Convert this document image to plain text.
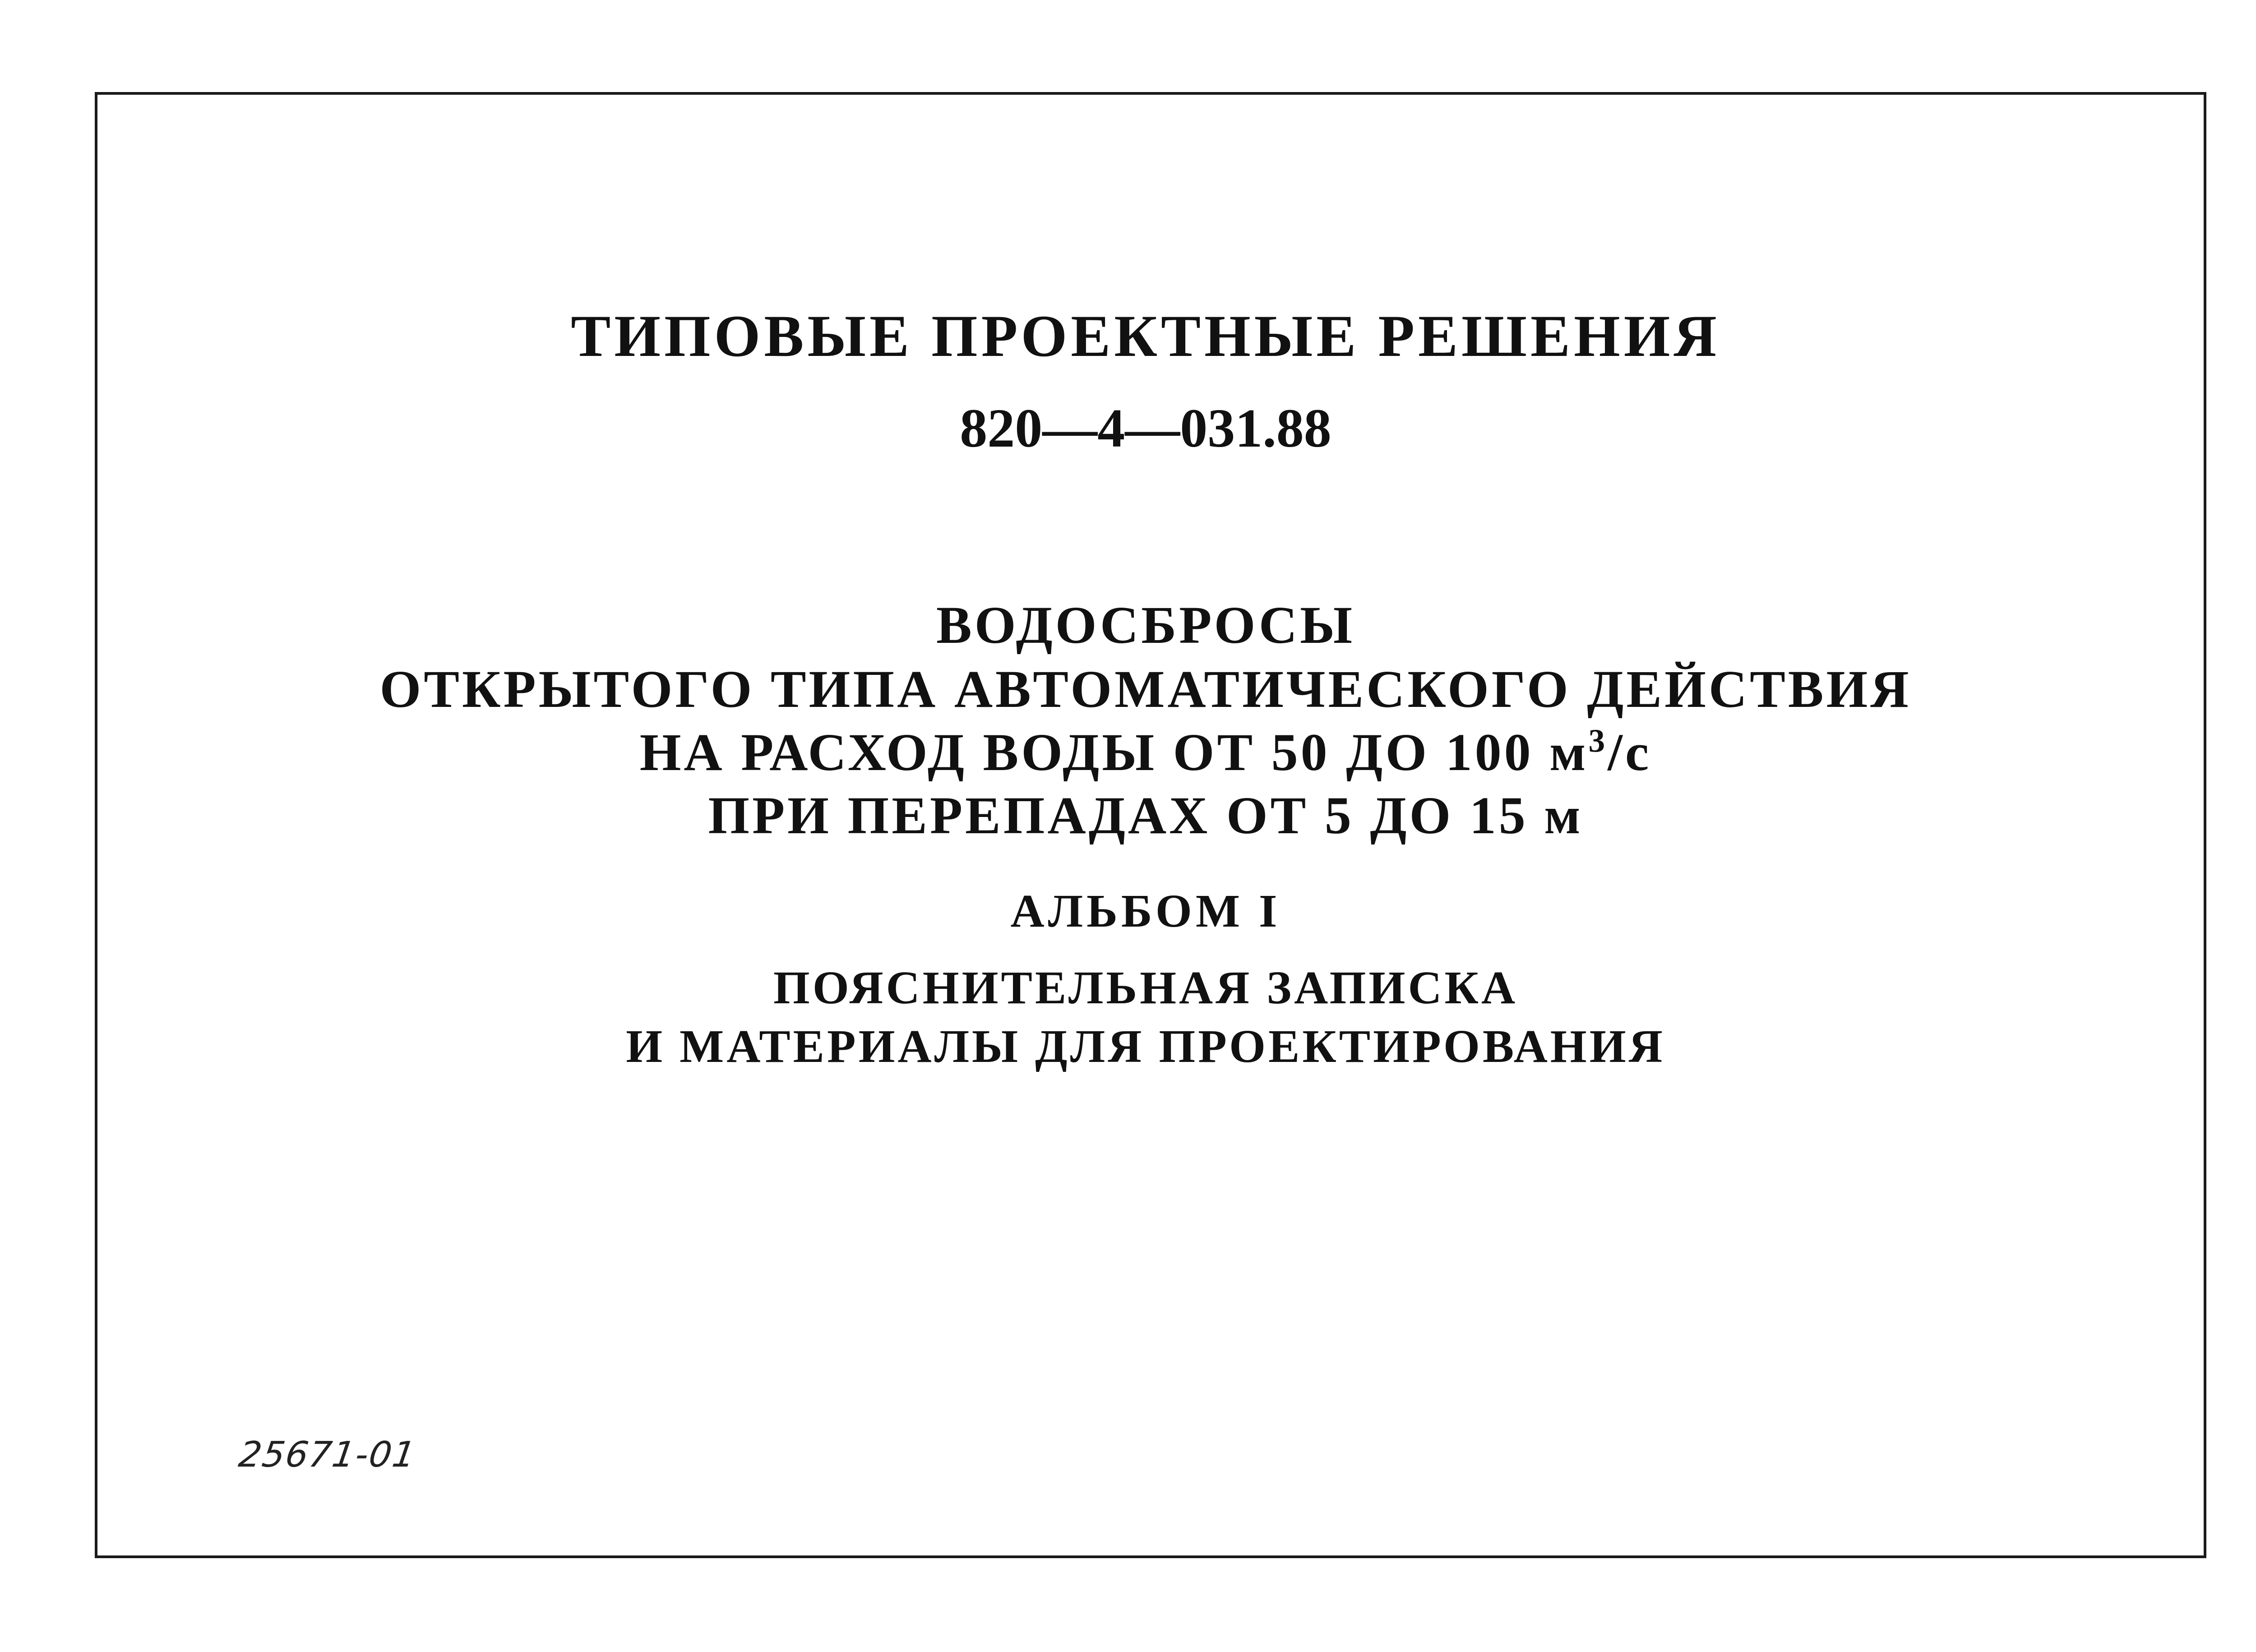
ТИПОВЫЕ ПРОЕКТНЫЕ РЕШЕНИЯ
820—4—031.88
ВОДОСБРОСЫ
ОТКРЫТОГО ТИПА АВТОМАТИЧЕСКОГО ДЕЙСТВИЯ
НА РАСХОД ВОДЫ ОТ 50 ДО 100 $м^3/с$
ПРИ ПЕРЕПАДАХ ОТ 5 ДО 15 м
АЛЬБОМ I
ПОЯСНИТЕЛЬНАЯ ЗАПИСКА
И МАТЕРИАЛЫ ДЛЯ ПРОЕКТИРОВАНИЯ
25671-01
